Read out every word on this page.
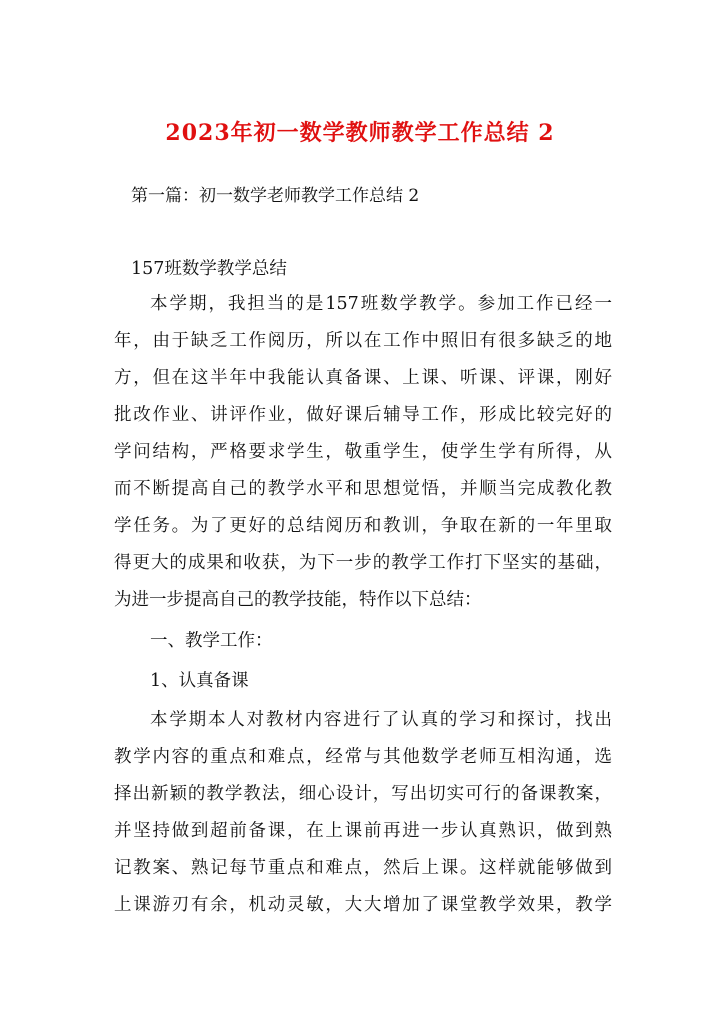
2023年初一数学教师教学工作总结 2
第一篇：初一数学老师教学工作总结 2
157班数学教学总结
本学期，我担当的是157班数学教学。参加工作已经一
年，由于缺乏工作阅历，所以在工作中照旧有很多缺乏的地
方，但在这半年中我能认真备课、上课、听课、评课，刚好
批改作业、讲评作业，做好课后辅导工作，形成比较完好的
学问结构，严格要求学生，敬重学生，使学生学有所得，从
而不断提高自己的教学水平和思想觉悟，并顺当完成教化教
学任务。为了更好的总结阅历和教训，争取在新的一年里取
得更大的成果和收获，为下一步的教学工作打下坚实的基础，
为进一步提高自己的教学技能，特作以下总结：
一、教学工作：
1、认真备课
本学期本人对教材内容进行了认真的学习和探讨，找出
教学内容的重点和难点，经常与其他数学老师互相沟通，选
择出新颖的教学教法，细心设计，写出切实可行的备课教案，
并坚持做到超前备课，在上课前再进一步认真熟识，做到熟
记教案、熟记每节重点和难点，然后上课。这样就能够做到
上课游刃有余，机动灵敏，大大增加了课堂教学效果，教学
